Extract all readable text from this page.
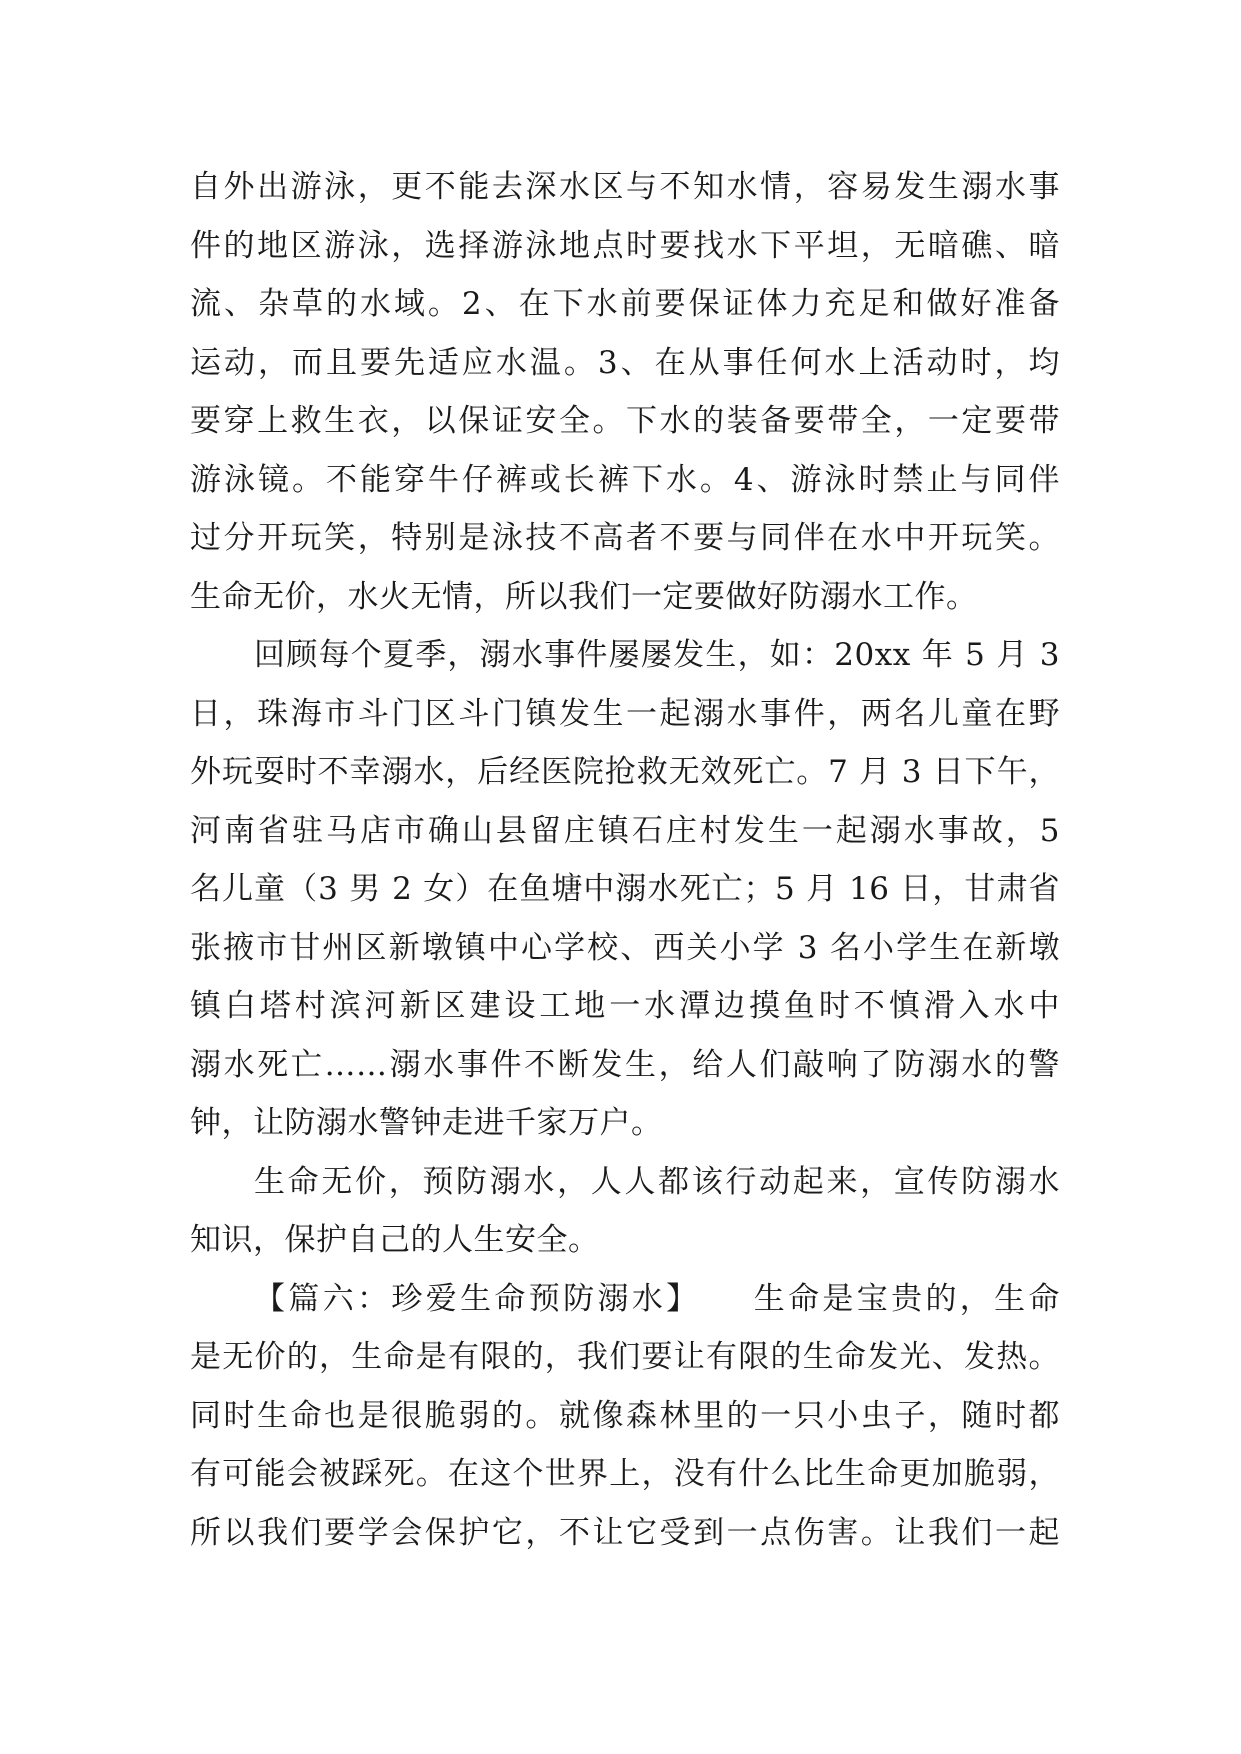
自外出游泳，更不能去深水区与不知水情，容易发生溺水事
件的地区游泳，选择游泳地点时要找水下平坦，无暗礁、暗
流、杂草的水域。2、在下水前要保证体力充足和做好准备
运动，而且要先适应水温。3、在从事任何水上活动时，均
要穿上救生衣，以保证安全。下水的装备要带全，一定要带
游泳镜。不能穿牛仔裤或长裤下水。4、游泳时禁止与同伴
过分开玩笑，特别是泳技不高者不要与同伴在水中开玩笑。
生命无价，水火无情，所以我们一定要做好防溺水工作。
回顾每个夏季，溺水事件屡屡发生，如：20xx 年 5 月 3
日，珠海市斗门区斗门镇发生一起溺水事件，两名儿童在野
外玩耍时不幸溺水，后经医院抢救无效死亡。7 月 3 日下午，
河南省驻马店市确山县留庄镇石庄村发生一起溺水事故，5
名儿童（3 男 2 女）在鱼塘中溺水死亡；5 月 16 日，甘肃省
张掖市甘州区新墩镇中心学校、西关小学 3 名小学生在新墩
镇白塔村滨河新区建设工地一水潭边摸鱼时不慎滑入水中
溺水死亡……溺水事件不断发生，给人们敲响了防溺水的警
钟，让防溺水警钟走进千家万户。
生命无价，预防溺水，人人都该行动起来，宣传防溺水
知识，保护自己的人生安全。
【篇六：珍爱生命预防溺水】　　生命是宝贵的，生命
是无价的，生命是有限的，我们要让有限的生命发光、发热。
同时生命也是很脆弱的。就像森林里的一只小虫子，随时都
有可能会被踩死。在这个世界上，没有什么比生命更加脆弱，
所以我们要学会保护它，不让它受到一点伤害。让我们一起
